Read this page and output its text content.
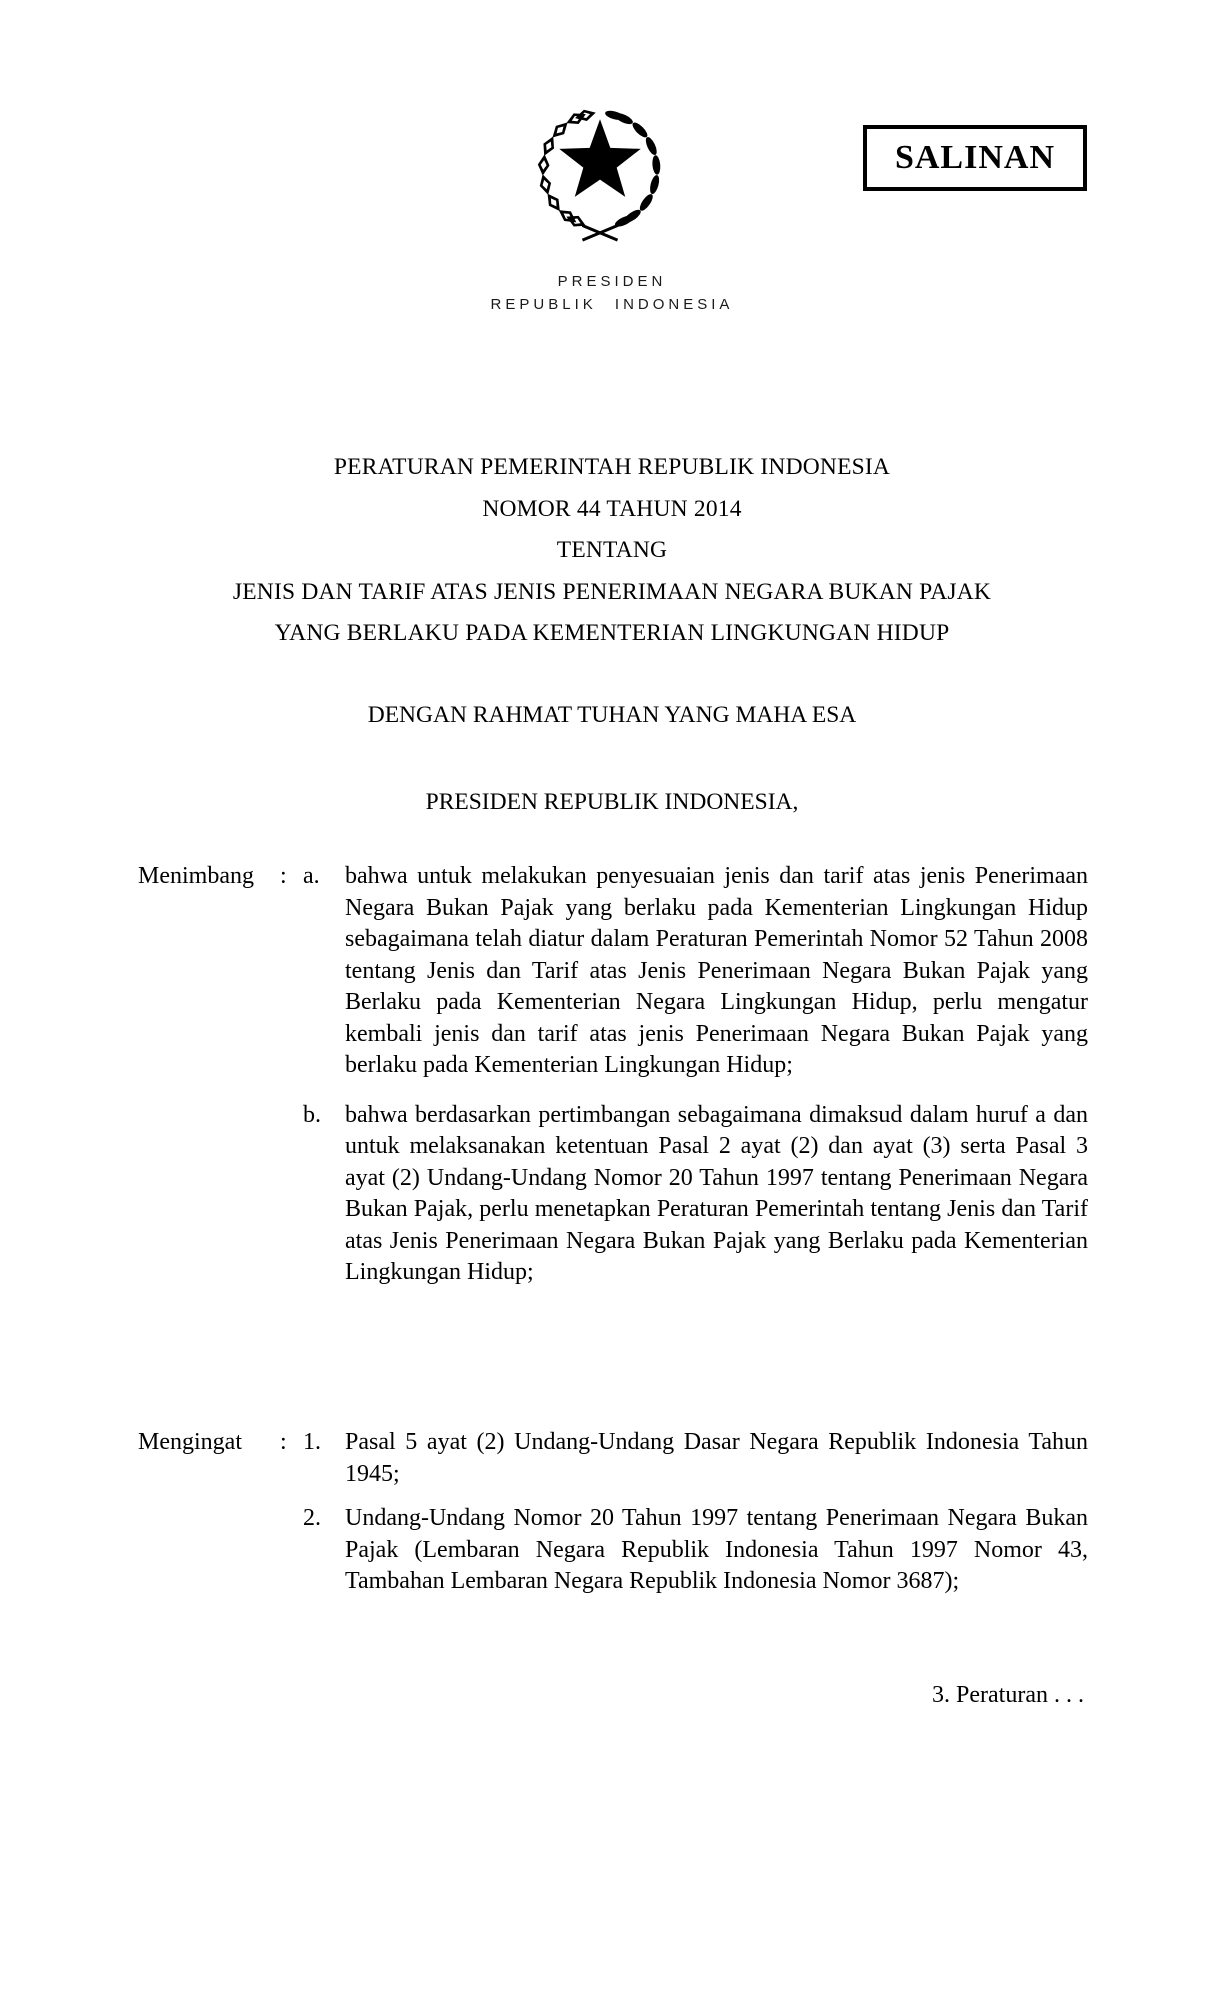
SALINAN
PRESIDEN
REPUBLIK INDONESIA
PERATURAN PEMERINTAH REPUBLIK INDONESIA
NOMOR 44 TAHUN 2014
TENTANG
JENIS DAN TARIF ATAS JENIS PENERIMAAN NEGARA BUKAN PAJAK
YANG BERLAKU PADA KEMENTERIAN LINGKUNGAN HIDUP
DENGAN RAHMAT TUHAN YANG MAHA ESA
PRESIDEN REPUBLIK INDONESIA,
Menimbang : a.	bahwa untuk melakukan penyesuaian jenis dan tarif atas jenis Penerimaan Negara Bukan Pajak yang berlaku pada Kementerian Lingkungan Hidup sebagaimana telah diatur dalam Peraturan Pemerintah Nomor 52 Tahun 2008 tentang Jenis dan Tarif atas Jenis Penerimaan Negara Bukan Pajak yang Berlaku pada Kementerian Negara Lingkungan Hidup, perlu mengatur kembali jenis dan tarif atas jenis Penerimaan Negara Bukan Pajak yang berlaku pada Kementerian Lingkungan Hidup;
b.	bahwa berdasarkan pertimbangan sebagaimana dimaksud dalam huruf a dan untuk melaksanakan ketentuan Pasal 2 ayat (2) dan ayat (3) serta Pasal 3 ayat (2) Undang-Undang Nomor 20 Tahun 1997 tentang Penerimaan Negara Bukan Pajak, perlu menetapkan Peraturan Pemerintah tentang Jenis dan Tarif atas Jenis Penerimaan Negara Bukan Pajak yang Berlaku pada Kementerian Lingkungan Hidup;
Mengingat : 1.	Pasal 5 ayat (2) Undang-Undang Dasar Negara Republik Indonesia Tahun 1945;
2.	Undang-Undang Nomor 20 Tahun 1997 tentang Penerimaan Negara Bukan Pajak (Lembaran Negara Republik Indonesia Tahun 1997 Nomor 43, Tambahan Lembaran Negara Republik Indonesia Nomor 3687);
3. Peraturan . . .
